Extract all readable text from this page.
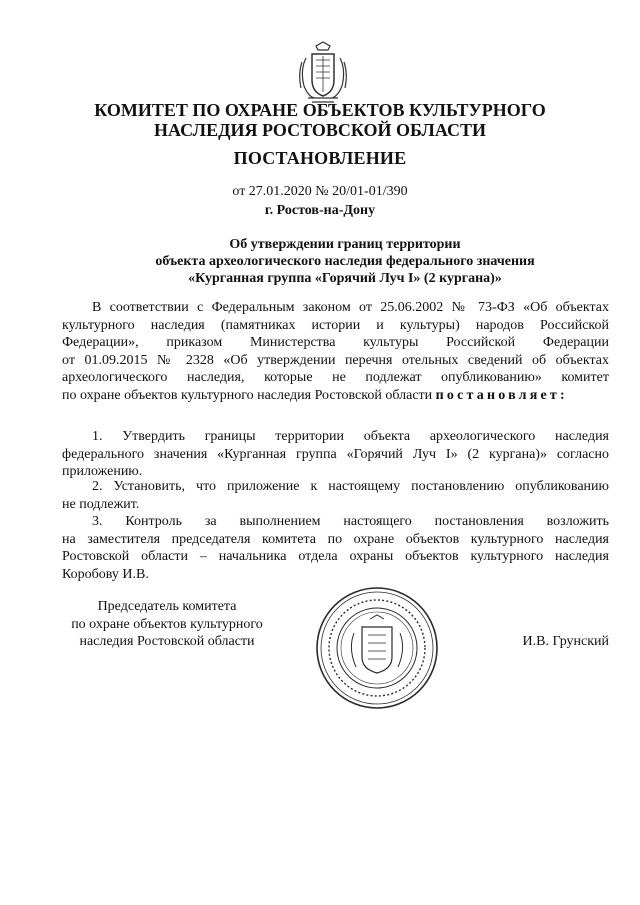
КОМИТЕТ ПО ОХРАНЕ ОБЪЕКТОВ КУЛЬТУРНОГО
НАСЛЕДИЯ РОСТОВСКОЙ ОБЛАСТИ
ПОСТАНОВЛЕНИЕ
от 27.01.2020 № 20/01-01/390
г. Ростов-на-Дону
Об утверждении границ территории
объекта археологического наследия федерального значения
«Курганная группа «Горячий Луч I» (2 кургана)»
В соответствии с Федеральным законом от 25.06.2002 № 73-ФЗ «Об объектах
культурного наследия (памятниках истории и культуры) народов Российской
Федерации», приказом Министерства культуры Российской Федерации
от 01.09.2015 № 2328 «Об утверждении перечня отельных сведений об объектах
археологического наследия, которые не подлежат опубликованию» комитет
по охране объектов культурного наследия Ростовской области постановляет:
1. Утвердить границы территории объекта археологического наследия
федерального значения «Курганная группа «Горячий Луч I» (2 кургана)» согласно
приложению.
2. Установить, что приложение к настоящему постановлению опубликованию
не подлежит.
3. Контроль за выполнением настоящего постановления возложить
на заместителя председателя комитета по охране объектов культурного наследия
Ростовской области – начальника отдела охраны объектов культурного наследия
Коробову И.В.
Председатель комитета
по охране объектов культурного
наследия Ростовской области	И.В. Грунский
